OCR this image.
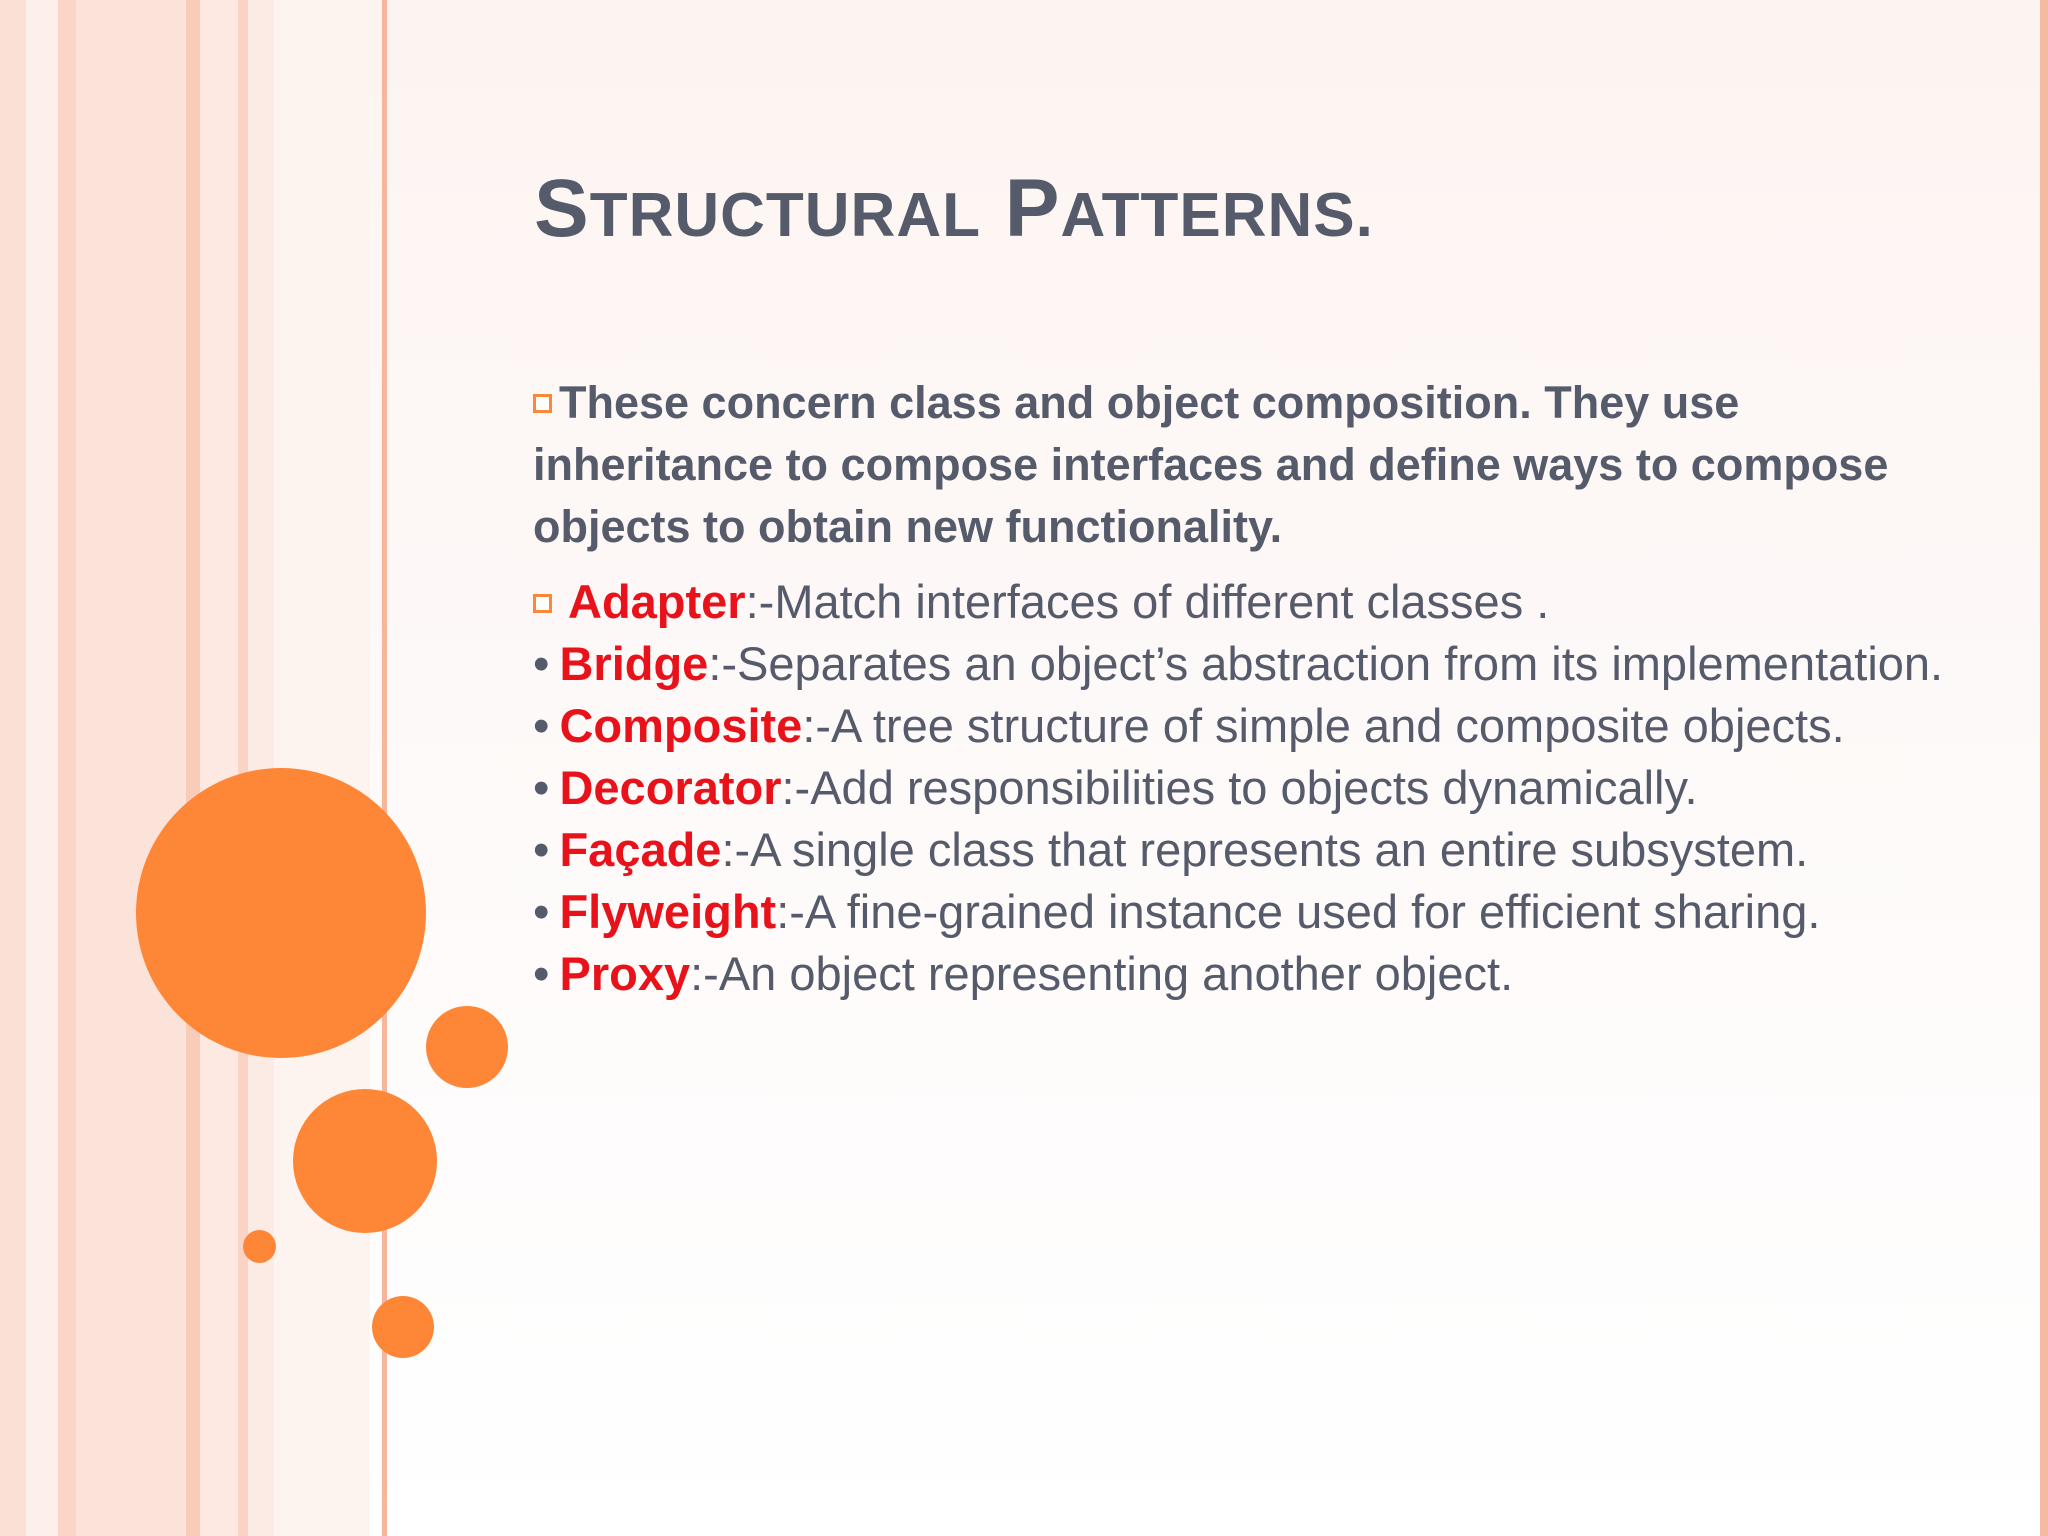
STRUCTURAL PATTERNS.

These concern class and object composition. They use inheritance to compose interfaces and define ways to compose objects to obtain new functionality.

Adapter:-Match interfaces of different classes .
• Bridge:-Separates an object’s abstraction from its implementation.
• Composite:-A tree structure of simple and composite objects.
• Decorator:-Add responsibilities to objects dynamically.
• Façade:-A single class that represents an entire subsystem.
• Flyweight:-A fine-grained instance used for efficient sharing.
• Proxy:-An object representing another object.
